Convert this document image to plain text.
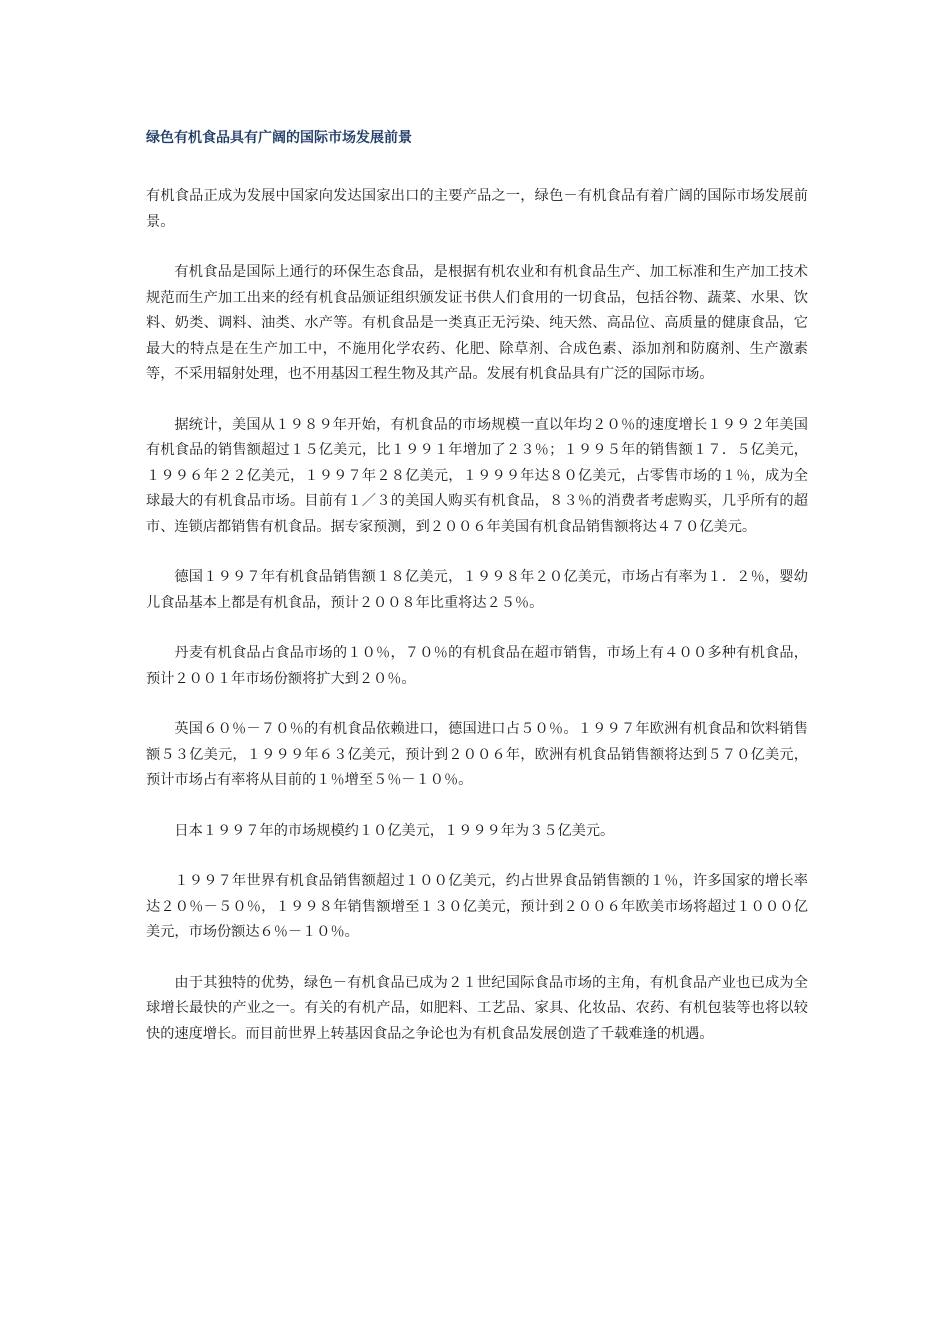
绿色有机食品具有广阔的国际市场发展前景

有机食品正成为发展中国家向发达国家出口的主要产品之一，绿色－有机食品有着广阔的国际市场发展前景。

有机食品是国际上通行的环保生态食品，是根据有机农业和有机食品生产、加工标准和生产加工技术规范而生产加工出来的经有机食品颁证组织颁发证书供人们食用的一切食品，包括谷物、蔬菜、水果、饮料、奶类、调料、油类、水产等。有机食品是一类真正无污染、纯天然、高品位、高质量的健康食品，它最大的特点是在生产加工中，不施用化学农药、化肥、除草剂、合成色素、添加剂和防腐剂、生产激素等，不采用辐射处理，也不用基因工程生物及其产品。发展有机食品具有广泛的国际市场。

据统计，美国从１９８９年开始，有机食品的市场规模一直以年均２０％的速度增长１９９２年美国有机食品的销售额超过１５亿美元，比１９９１年增加了２３％；１９９５年的销售额１７．５亿美元，１９９６年２２亿美元，１９９７年２８亿美元，１９９９年达８０亿美元，占零售市场的１％，成为全球最大的有机食品市场。目前有１／３的美国人购买有机食品，８３％的消费者考虑购买，几乎所有的超市、连锁店都销售有机食品。据专家预测，到２００６年美国有机食品销售额将达４７０亿美元。

德国１９９７年有机食品销售额１８亿美元，１９９８年２０亿美元，市场占有率为１．２％，婴幼儿食品基本上都是有机食品，预计２００８年比重将达２５％。

丹麦有机食品占食品市场的１０％，７０％的有机食品在超市销售，市场上有４００多种有机食品，预计２００１年市场份额将扩大到２０％。

英国６０％－７０％的有机食品依赖进口，德国进口占５０％。１９９７年欧洲有机食品和饮料销售额５３亿美元，１９９９年６３亿美元，预计到２００６年，欧洲有机食品销售额将达到５７０亿美元，预计市场占有率将从目前的１％增至５％－１０％。

日本１９９７年的市场规模约１０亿美元，１９９９年为３５亿美元。

１９９７年世界有机食品销售额超过１００亿美元，约占世界食品销售额的１％，许多国家的增长率达２０％－５０％，１９９８年销售额增至１３０亿美元，预计到２００６年欧美市场将超过１０００亿美元，市场份额达６％－１０％。

由于其独特的优势，绿色－有机食品已成为２１世纪国际食品市场的主角，有机食品产业也已成为全球增长最快的产业之一。有关的有机产品，如肥料、工艺品、家具、化妆品、农药、有机包装等也将以较快的速度增长。而目前世界上转基因食品之争论也为有机食品发展创造了千载难逢的机遇。
